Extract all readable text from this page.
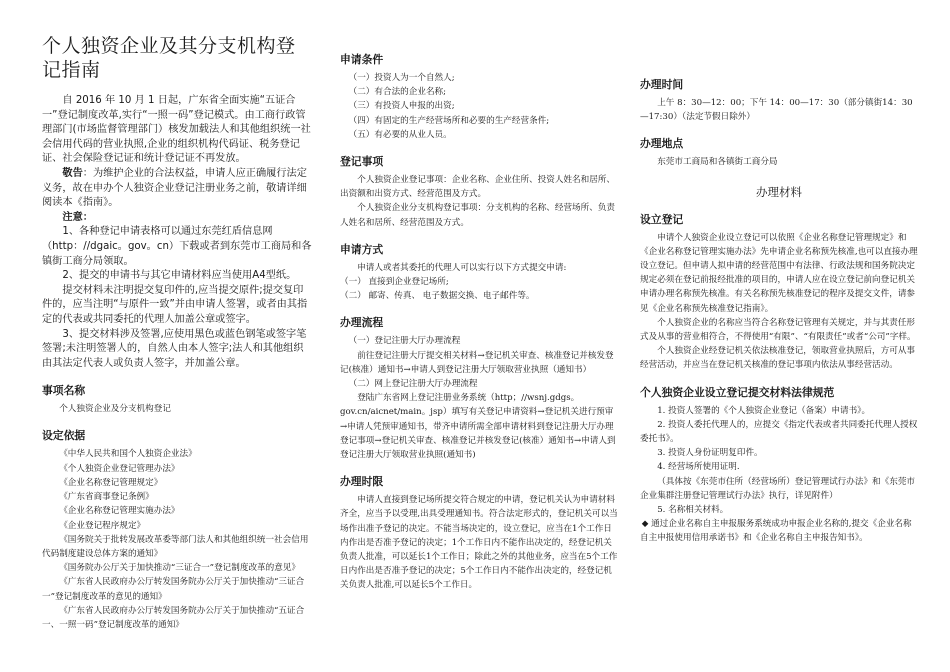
个人独资企业及其分支机构登记指南

自 2016 年 10 月 1 日起，广东省全面实施“五证合一”登记制度改革,实行“一照一码”登记模式。由工商行政管理部门(市场监督管理部门）核发加载法人和其他组织统一社会信用代码的营业执照,企业的组织机构代码证、税务登记证、社会保险登记证和统计登记证不再发放。

敬告：为维护企业的合法权益，申请人应正确履行法定义务，故在申办个人独资企业登记注册业务之前，敬请详细阅读本《指南》。

注意：

1、各种登记申请表格可以通过东莞红盾信息网（http：//dgaic。gov。cn）下载或者到东莞市工商局和各镇街工商分局领取。

2、提交的申请书与其它申请材料应当使用A4型纸。

提交材料未注明提交复印件的,应当提交原件;提交复印件的，应当注明“与原件一致”并由申请人签署，或者由其指定的代表或共同委托的代理人加盖公章或签字。

3、提交材料涉及签署,应使用黑色或蓝色钢笔或签字笔签署;未注明签署人的，自然人由本人签字;法人和其他组织由其法定代表人或负责人签字，并加盖公章。

事项名称

个人独资企业及分支机构登记

设定依据

《中华人民共和国个人独资企业法》

《个人独资企业登记管理办法》

《企业名称登记管理规定》

《广东省商事登记条例》

《企业名称登记管理实施办法》

《企业登记程序规定》

《国务院关于批转发展改革委等部门法人和其他组织统一社会信用代码制度建设总体方案的通知》

《国务院办公厅关于加快推动“三证合一”登记制度改革的意见》

《广东省人民政府办公厅转发国务院办公厅关于加快推动“三证合一”登记制度改革的意见的通知》

《广东省人民政府办公厅转发国务院办公厅关于加快推动“五证合一、一照一码”登记制度改革的通知》

申请条件

（一）投资人为一个自然人;

（二）有合法的企业名称;

（三）有投资人申报的出资;

（四）有固定的生产经营场所和必要的生产经营条件;

（五）有必要的从业人员。

登记事项

个人独资企业登记事项：企业名称、企业住所、投资人姓名和居所、出资额和出资方式、经营范围及方式。

个人独资企业分支机构登记事项：分支机构的名称、经营场所、负责人姓名和居所、经营范围及方式。

申请方式

申请人或者其委托的代理人可以实行以下方式提交申请:

（一） 直接到企业登记场所;

（二） 邮寄、传真、 电子数据交换、电子邮件等。

办理流程

（一）登记注册大厅办理流程

前往登记注册大厅提交相关材料→登记机关审查、核准登记并核发登记(核准）通知书→申请人到登记注册大厅领取营业执照（通知书）

（二）网上登记注册大厅办理流程

登陆广东省网上登记注册业务系统（http；//wsnj.gdgs。gov.cn/aicnet/main。jsp）填写有关登记申请资料→登记机关进行预审→申请人凭预审通知书，带齐申请所需全部申请材料到登记注册大厅办理登记事项→登记机关审查、核准登记并核发登记(核准）通知书→申请人到登记注册大厅领取营业执照(通知书)

办理时限

申请人直接到登记场所提交符合规定的申请，登记机关认为申请材料齐全，应当予以受理,出具受理通知书。符合法定形式的，登记机关可以当场作出准予登记的决定。不能当场决定的，设立登记，应当在1个工作日内作出是否准予登记的决定；1个工作日内不能作出决定的，经登记机关负责人批准，可以延长1个工作日；除此之外的其他业务，应当在5个工作日内作出是否准予登记的决定；5个工作日内不能作出决定的，经登记机关负责人批准,可以延长5个工作日。

办理时间

上午 8：30—12：00；下午 14：00—17：30（部分镇街14：30—17:30）（法定节假日除外）

办理地点

东莞市工商局和各镇街工商分局

办理材料
设立登记

申请个人独资企业设立登记可以依照《企业名称登记管理规定》和《企业名称登记管理实施办法》先申请企业名称预先核准,也可以直接办理设立登记。但申请人拟申请的经营范围中有法律、行政法规和国务院决定规定必须在登记前报经批准的项目的，申请人应在设立登记前向登记机关申请办理名称预先核准。有关名称预先核准登记的程序及提交文件，请参见《企业名称预先核准登记指南》。

个人独资企业的名称应当符合名称登记管理有关规定，并与其责任形式及从事的营业相符合，不得使用“有限”、“有限责任”或者“公司”字样。

个人独资企业经登记机关依法核准登记，领取营业执照后，方可从事经营活动，并应当在登记机关核准的登记事项内依法从事经营活动。

个人独资企业设立登记提交材料法律规范

1. 投资人签署的《个人独资企业登记（备案）申请书》。

2. 投资人委托代理人的，应提交《指定代表或者共同委托代理人授权委托书》。

3. 投资人身份证明复印件。

4. 经营场所使用证明.

（具体按《东莞市住所（经营场所）登记管理试行办法》和《东莞市企业集群注册登记管理试行办法》执行，详见附件）

5. 名称相关材料。

◆ 通过企业名称自主申报服务系统成功申报企业名称的,提交《企业名称自主申报使用信用承诺书》和《企业名称自主申报告知书》。
